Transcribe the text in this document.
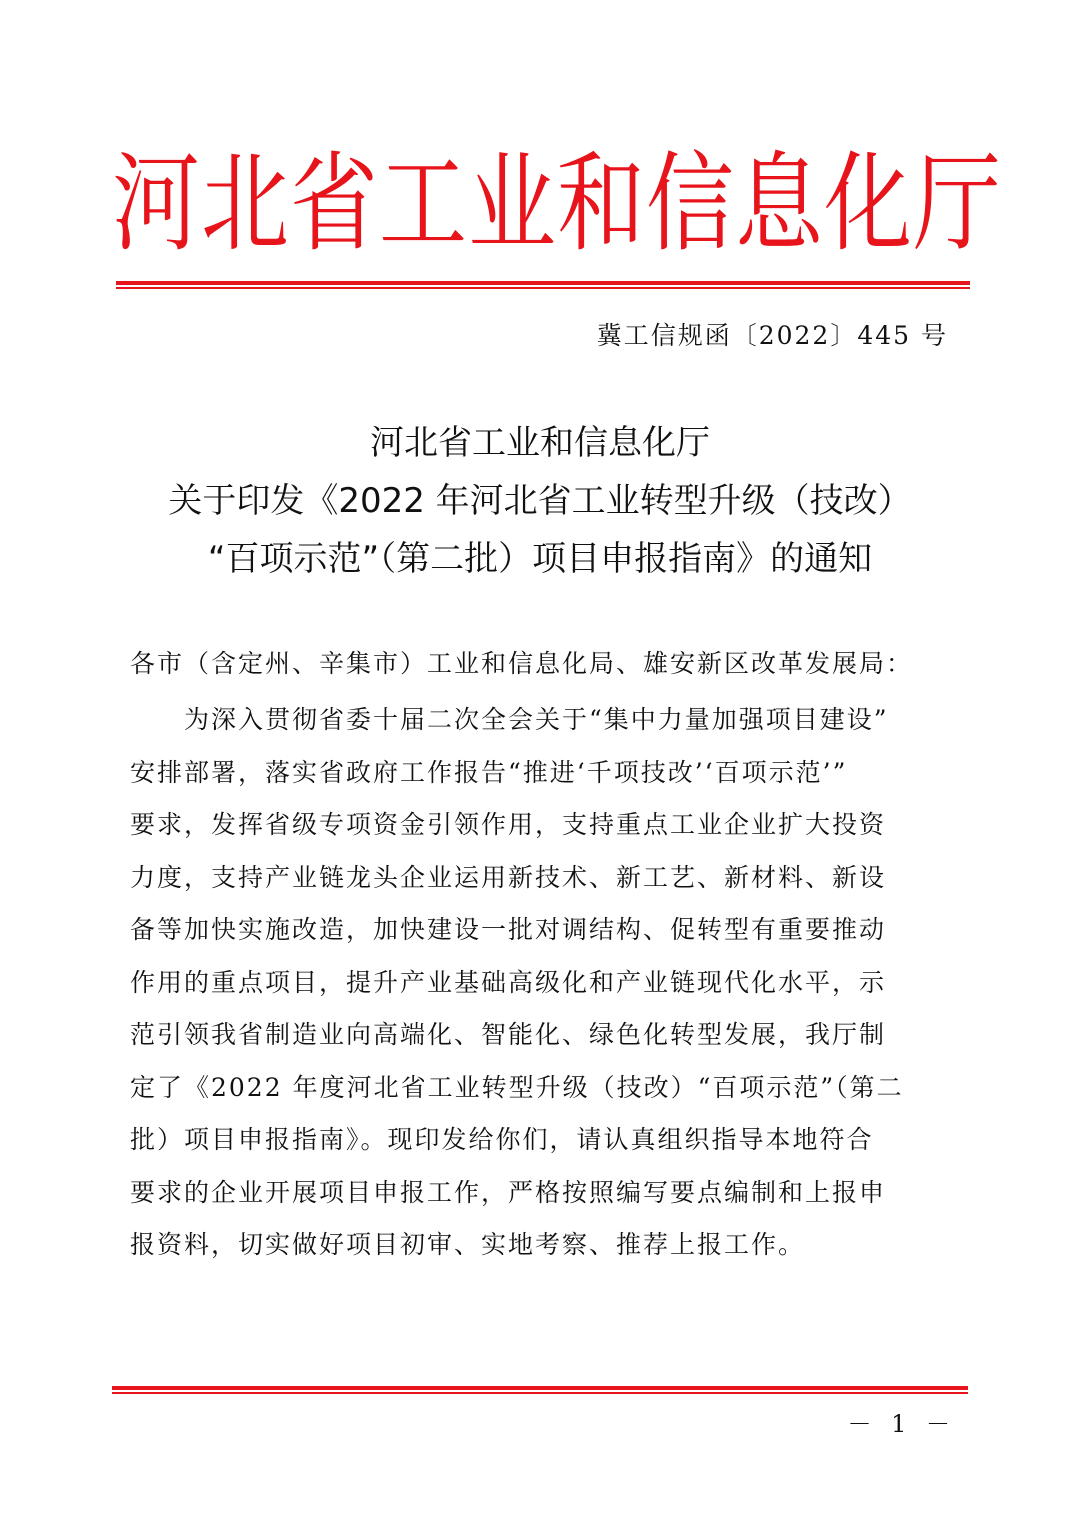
河北省工业和信息化厅
冀工信规函〔2022〕445 号
河北省工业和信息化厅
关于印发《2022 年河北省工业转型升级（技改）
“百项示范”（第二批）项目申报指南》的通知
各市（含定州、辛集市）工业和信息化局、雄安新区改革发展局：
为深入贯彻省委十届二次全会关于“集中力量加强项目建设”
安排部署，落实省政府工作报告“推进‘千项技改’‘百项示范’”
要求，发挥省级专项资金引领作用，支持重点工业企业扩大投资
力度，支持产业链龙头企业运用新技术、新工艺、新材料、新设
备等加快实施改造，加快建设一批对调结构、促转型有重要推动
作用的重点项目，提升产业基础高级化和产业链现代化水平，示
范引领我省制造业向高端化、智能化、绿色化转型发展，我厅制
定了《2022 年度河北省工业转型升级（技改）“百项示范”（第二
批）项目申报指南》。现印发给你们，请认真组织指导本地符合
要求的企业开展项目申报工作，严格按照编写要点编制和上报申
报资料，切实做好项目初审、实地考察、推荐上报工作。
－ 1 －
